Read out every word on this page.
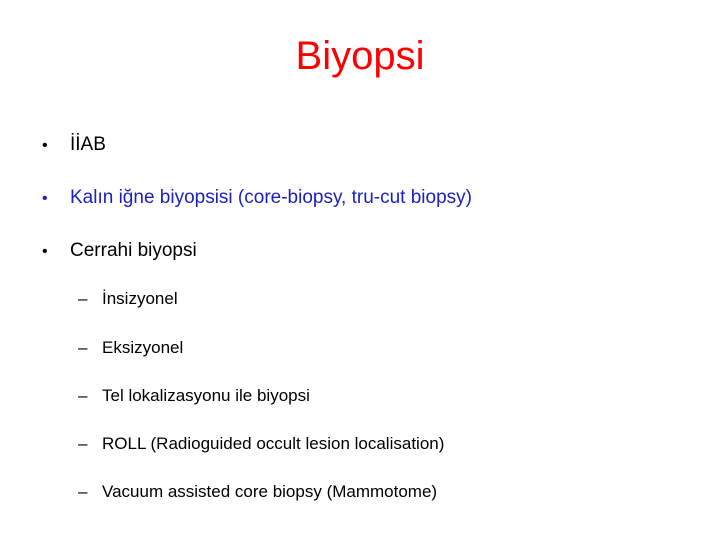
Biyopsi
• İİAB
• Kalın iğne biyopsisi (core-biopsy, tru-cut biopsy)
• Cerrahi biyopsi
– İnsizyonel
– Eksizyonel
– Tel lokalizasyonu ile biyopsi
– ROLL (Radioguided occult lesion localisation)
– Vacuum assisted core biopsy (Mammotome)
